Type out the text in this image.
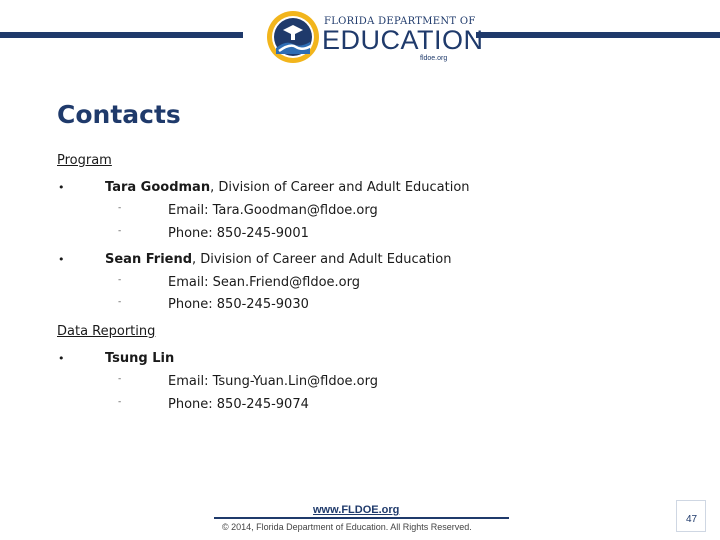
FLORIDA DEPARTMENT OF
EDUCATION
fldoe.org
Contacts
Program
•	Tara Goodman, Division of Career and Adult Education
-	Email: Tara.Goodman@fldoe.org
-	Phone: 850-245-9001
•	Sean Friend, Division of Career and Adult Education
-	Email: Sean.Friend@fldoe.org
-	Phone: 850-245-9030
Data Reporting
•	Tsung Lin
-	Email: Tsung-Yuan.Lin@fldoe.org
-	Phone: 850-245-9074
www.FLDOE.org
© 2014, Florida Department of Education. All Rights Reserved.
47
